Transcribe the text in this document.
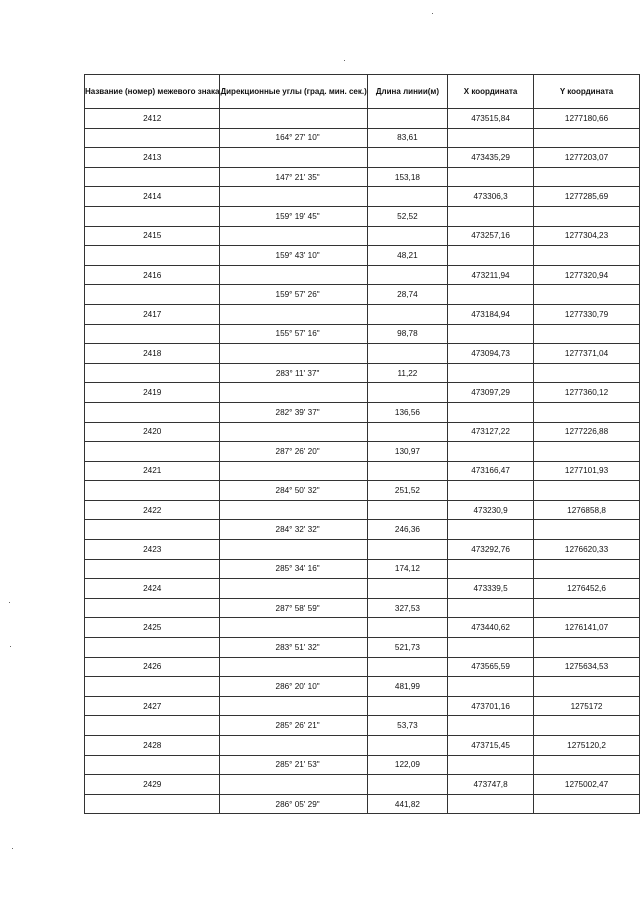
Название (номер) межевого знака	Дирекционные углы (град. мин. сек.)	Длина линии(м)	X координата	Y координата
2412			473515,84	1277180,66
	164° 27' 10"	83,61		
2413			473435,29	1277203,07
	147° 21' 35"	153,18		
2414			473306,3	1277285,69
	159° 19' 45"	52,52		
2415			473257,16	1277304,23
	159° 43' 10"	48,21		
2416			473211,94	1277320,94
	159° 57' 26"	28,74		
2417			473184,94	1277330,79
	155° 57' 16"	98,78		
2418			473094,73	1277371,04
	283° 11' 37"	11,22		
2419			473097,29	1277360,12
	282° 39' 37"	136,56		
2420			473127,22	1277226,88
	287° 26' 20"	130,97		
2421			473166,47	1277101,93
	284° 50' 32"	251,52		
2422			473230,9	1276858,8
	284° 32' 32"	246,36		
2423			473292,76	1276620,33
	285° 34' 16"	174,12		
2424			473339,5	1276452,6
	287° 58' 59"	327,53		
2425			473440,62	1276141,07
	283° 51' 32"	521,73		
2426			473565,59	1275634,53
	286° 20' 10"	481,99		
2427			473701,16	1275172
	285° 26' 21"	53,73		
2428			473715,45	1275120,2
	285° 21' 53"	122,09		
2429			473747,8	1275002,47
	286° 05' 29"	441,82		
